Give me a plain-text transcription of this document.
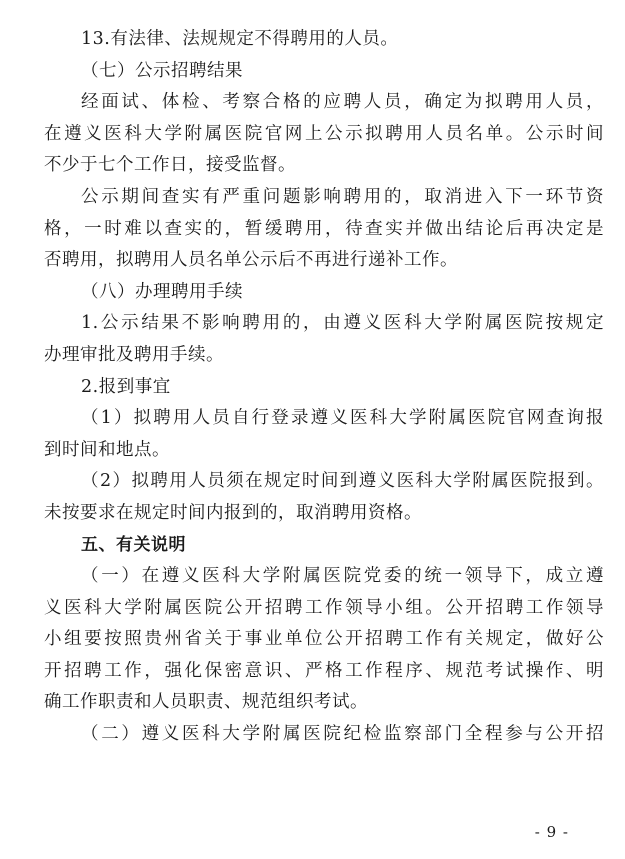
13.有法律、法规规定不得聘用的人员。
（七）公示招聘结果
经面试、体检、考察合格的应聘人员，确定为拟聘用人员，
在遵义医科大学附属医院官网上公示拟聘用人员名单。公示时间
不少于七个工作日，接受监督。
公示期间查实有严重问题影响聘用的，取消进入下一环节资
格，一时难以查实的，暂缓聘用，待查实并做出结论后再决定是
否聘用，拟聘用人员名单公示后不再进行递补工作。
（八）办理聘用手续
1.公示结果不影响聘用的，由遵义医科大学附属医院按规定
办理审批及聘用手续。
2.报到事宜
（1）拟聘用人员自行登录遵义医科大学附属医院官网查询报
到时间和地点。
（2）拟聘用人员须在规定时间到遵义医科大学附属医院报到。
未按要求在规定时间内报到的，取消聘用资格。
五、有关说明
（一）在遵义医科大学附属医院党委的统一领导下，成立遵
义医科大学附属医院公开招聘工作领导小组。公开招聘工作领导
小组要按照贵州省关于事业单位公开招聘工作有关规定，做好公
开招聘工作，强化保密意识、严格工作程序、规范考试操作、明
确工作职责和人员职责、规范组织考试。
（二）遵义医科大学附属医院纪检监察部门全程参与公开招
- 9 -
